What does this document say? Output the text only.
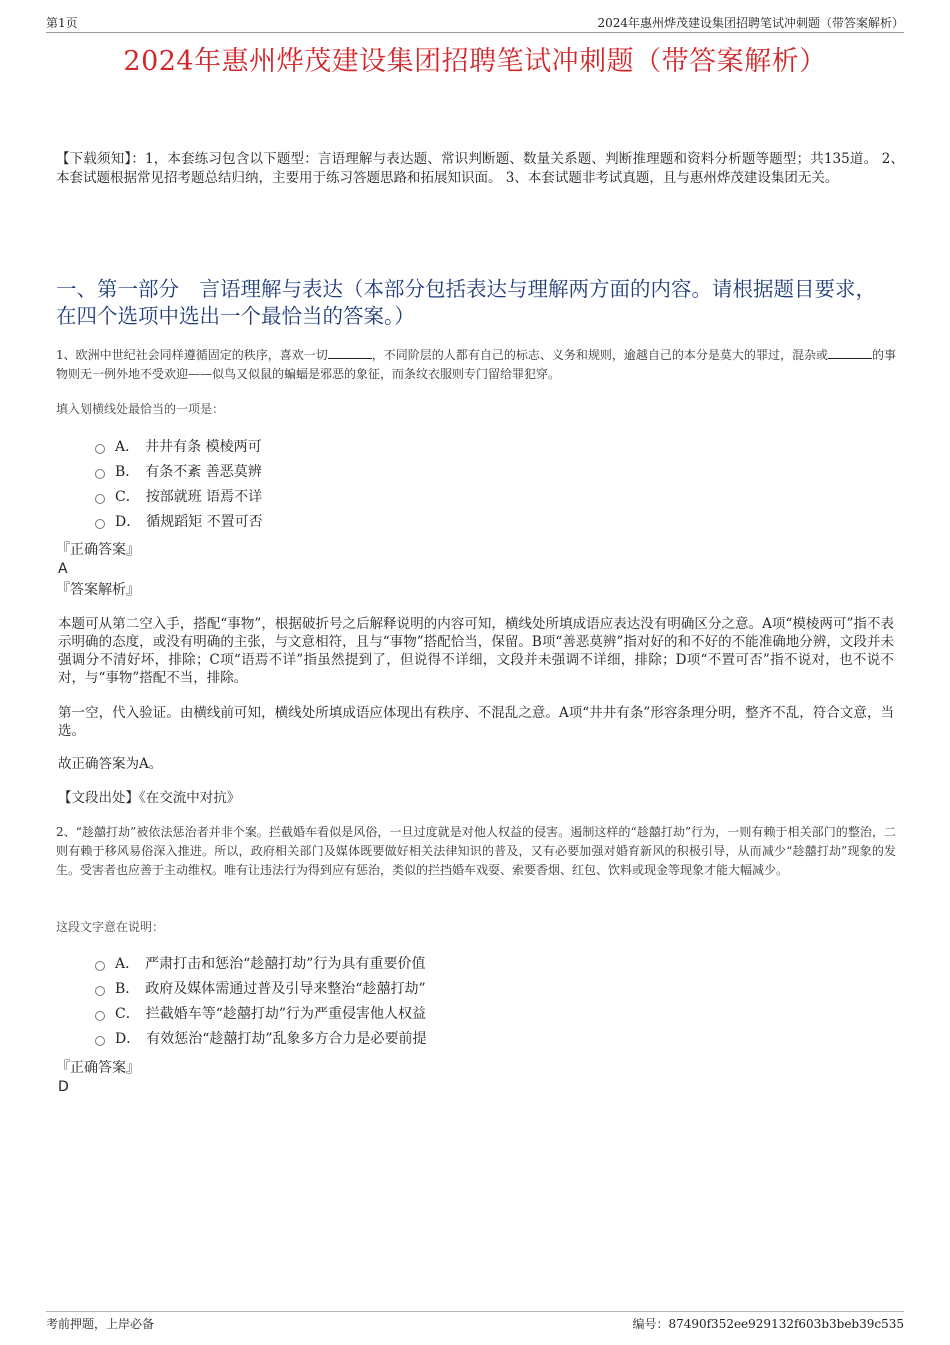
第1页	2024年惠州烨茂建设集团招聘笔试冲刺题（带答案解析）
2024年惠州烨茂建设集团招聘笔试冲刺题（带答案解析）
【下载须知】：1，本套练习包含以下题型：言语理解与表达题、常识判断题、数量关系题、判断推理题和资料分析题等题型；共135道。 2、本套试题根据常见招考题总结归纳，主要用于练习答题思路和拓展知识面。 3、本套试题非考试真题，且与惠州烨茂建设集团无关。
一、第一部分　言语理解与表达（本部分包括表达与理解两方面的内容。请根据题目要求，在四个选项中选出一个最恰当的答案。）
1、欧洲中世纪社会同样遵循固定的秩序，喜欢一切	，不同阶层的人都有自己的标志、义务和规则，逾越自己的本分是莫大的罪过，混杂或	的事物则无一例外地不受欢迎——似鸟又似鼠的蝙蝠是邪恶的象征，而条纹衣服则专门留给罪犯穿。
填入划横线处最恰当的一项是：
A． 井井有条 模棱两可
B． 有条不紊 善恶莫辨
C． 按部就班 语焉不详
D． 循规蹈矩 不置可否
『正确答案』
A
『答案解析』
本题可从第二空入手，搭配“事物”，根据破折号之后解释说明的内容可知，横线处所填成语应表达没有明确区分之意。A项“模棱两可”指不表示明确的态度，或没有明确的主张，与文意相符，且与“事物”搭配恰当，保留。B项“善恶莫辨”指对好的和不好的不能准确地分辨，文段并未强调分不清好坏，排除；C项“语焉不详”指虽然提到了，但说得不详细，文段并未强调不详细，排除；D项“不置可否”指不说对，也不说不对，与“事物”搭配不当，排除。
第一空，代入验证。由横线前可知，横线处所填成语应体现出有秩序、不混乱之意。A项“井井有条”形容条理分明，整齐不乱，符合文意，当选。
故正确答案为A。
【文段出处】《在交流中对抗》
2、“趁囍打劫”被依法惩治者并非个案。拦截婚车看似是风俗，一旦过度就是对他人权益的侵害。遏制这样的“趁囍打劫”行为，一则有赖于相关部门的整治，二则有赖于移风易俗深入推进。所以，政府相关部门及媒体既要做好相关法律知识的普及，又有必要加强对婚育新风的积极引导，从而减少“趁囍打劫”现象的发生。受害者也应善于主动维权。唯有让违法行为得到应有惩治，类似的拦挡婚车戏耍、索要香烟、红包、饮料或现金等现象才能大幅减少。
这段文字意在说明：
A． 严肃打击和惩治“趁囍打劫”行为具有重要价值
B． 政府及媒体需通过普及引导来整治“趁囍打劫”
C． 拦截婚车等“趁囍打劫”行为严重侵害他人权益
D． 有效惩治“趁囍打劫”乱象多方合力是必要前提
『正确答案』
D
考前押题，上岸必备	编号：87490f352ee929132f603b3beb39c535
